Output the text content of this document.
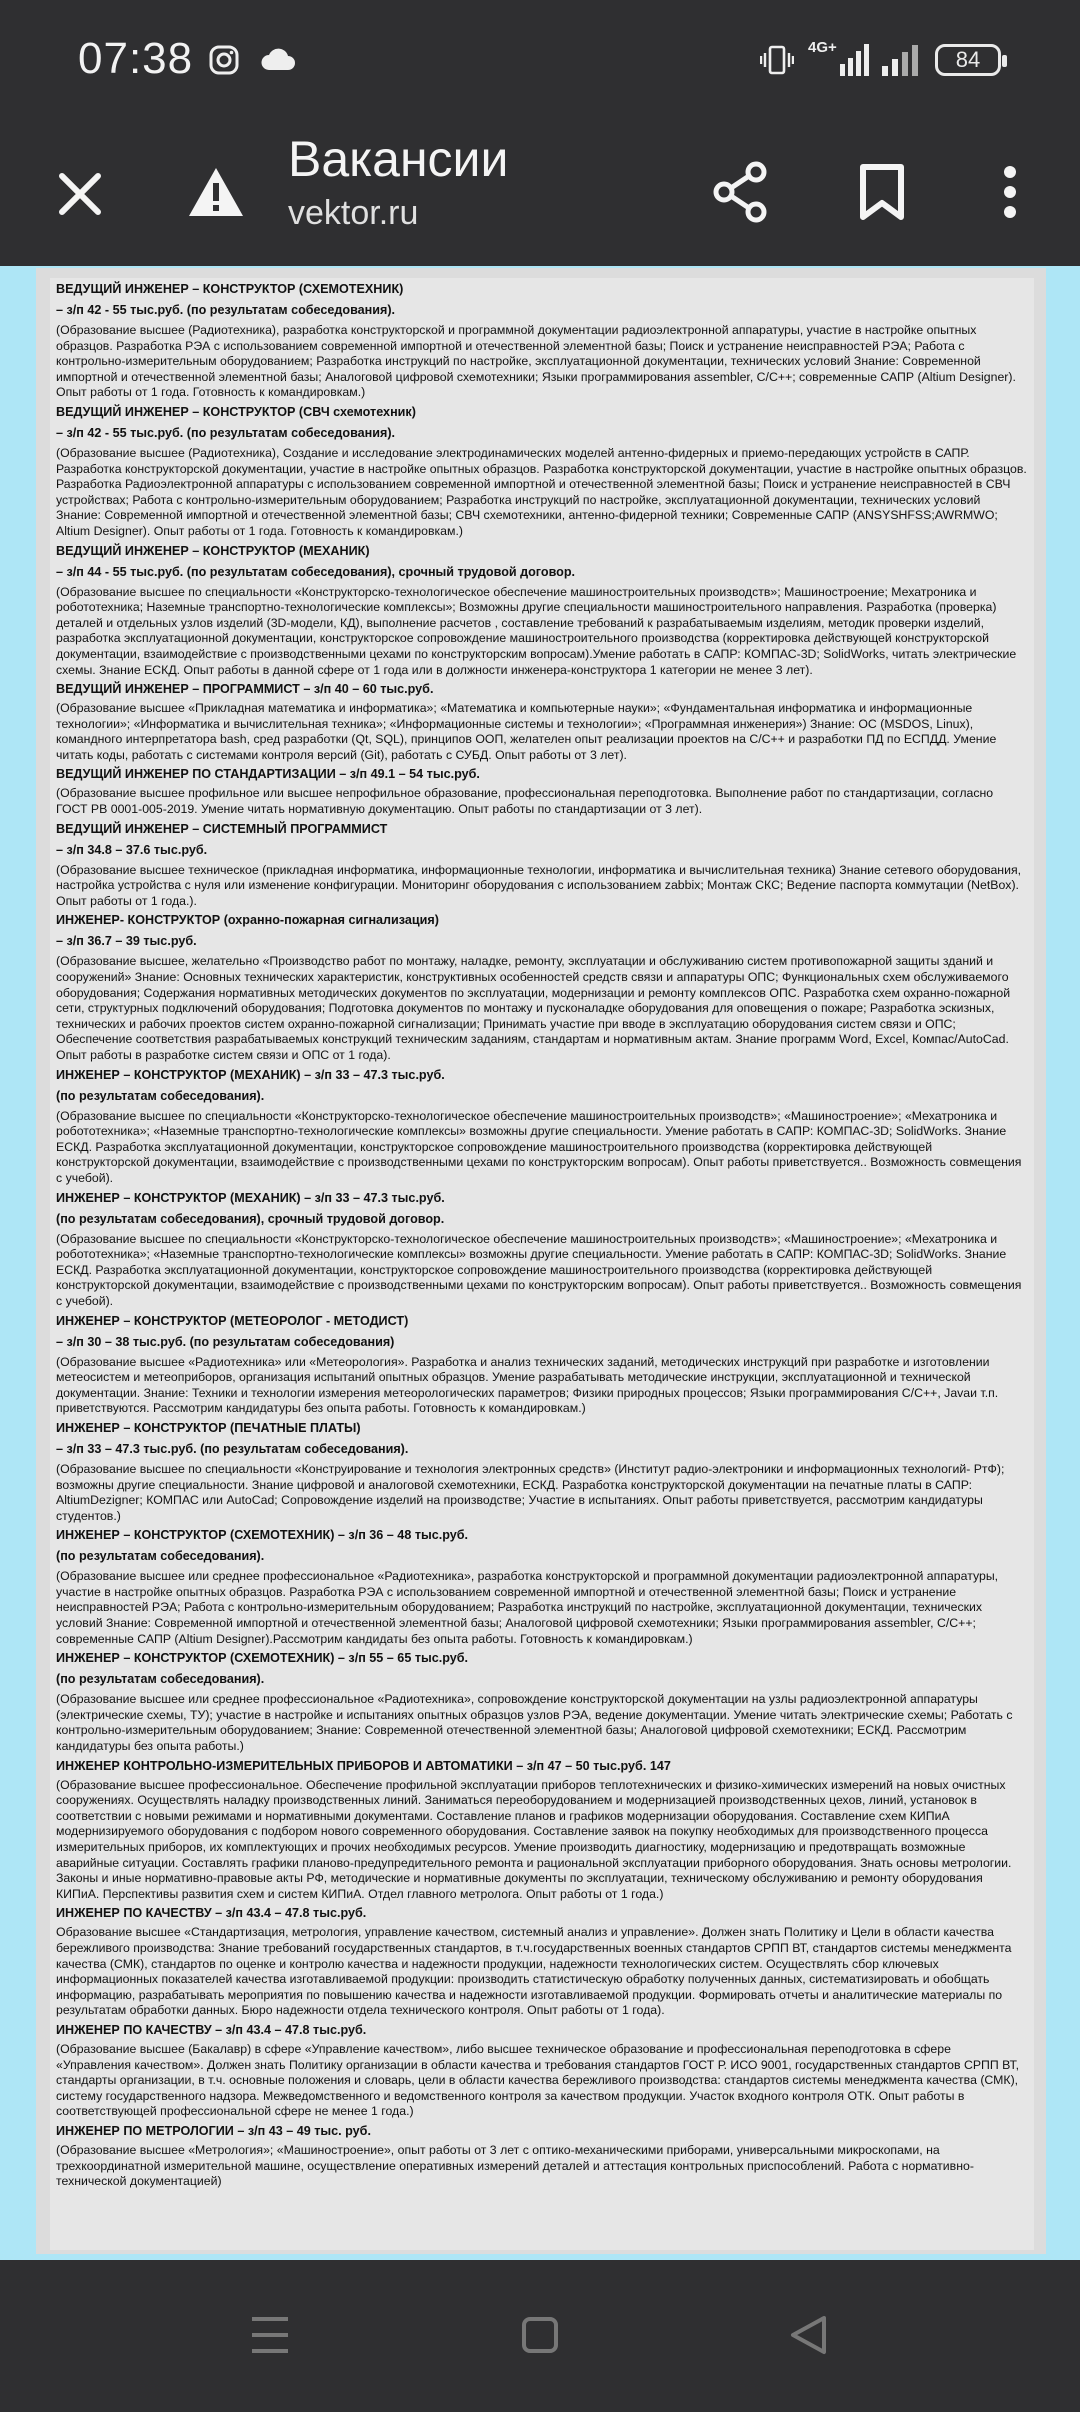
07:38	4G+	84
Вакансии
vektor.ru
ВЕДУЩИЙ ИНЖЕНЕР – КОНСТРУКТОР (СХЕМОТЕХНИК)
– з/п 42 - 55 тыс.руб. (по результатам собеседования).
(Образование высшее (Радиотехника), разработка конструкторской и программной документации радиоэлектронной аппаратуры, участие в настройке опытных образцов. Разработка РЭА с использованием современной импортной и отечественной элементной базы; Поиск и устранение неисправностей РЭА; Работа с контрольно-измерительным оборудованием; Разработка инструкций по настройке, эксплуатационной документации, технических условий Знание: Современной импортной и отечественной элементной базы; Аналоговой цифровой схемотехники; Языки программирования assembler, C/C++; современные САПР (Altium Designer). Опыт работы от 1 года. Готовность к командировкам.)
ВЕДУЩИЙ ИНЖЕНЕР – КОНСТРУКТОР (СВЧ схемотехник)
– з/п 42 - 55 тыс.руб. (по результатам собеседования).
(Образование высшее (Радиотехника), Создание и исследование электродинамических моделей антенно-фидерных и приемо-передающих устройств в САПР. Разработка конструкторской документации, участие в настройке опытных образцов. Разработка конструкторской документации, участие в настройке опытных образцов. Разработка Радиоэлектронной аппаратуры с использованием современной импортной и отечественной элементной базы; Поиск и устранение неисправностей в СВЧ устройствах; Работа с контрольно-измерительным оборудованием; Разработка инструкций по настройке, эксплуатационной документации, технических условий Знание: Современной импортной и отечественной элементной базы; СВЧ схемотехники, антенно-фидерной техники; Современные САПР (ANSYSHFSS;AWRMWO; Altium Designer). Опыт работы от 1 года. Готовность к командировкам.)
ВЕДУЩИЙ ИНЖЕНЕР – КОНСТРУКТОР (МЕХАНИК)
– з/п 44 - 55 тыс.руб. (по результатам собеседования), срочный трудовой договор.
(Образование высшее по специальности «Конструкторско-технологическое обеспечение машиностроительных производств»; Машиностроение; Мехатроника и робототехника; Наземные транспортно-технологические комплексы»; Возможны другие специальности машиностроительного направления. Разработка (проверка) деталей и отдельных узлов изделий (3D-модели, КД), выполнение расчетов , составление требований к разрабатываемым изделиям, методик проверки изделий, разработка эксплуатационной документации, конструкторское сопровождение машиностроительного производства (корректировка действующей конструкторской документации, взаимодействие с производственными цехами по конструкторским вопросам).Умение работать в САПР: КОМПАС-3D; SolidWorks, читать электрические схемы. Знание ЕСКД. Опыт работы в данной сфере от 1 года или в должности инженера-конструктора 1 категории не менее 3 лет).
ВЕДУЩИЙ ИНЖЕНЕР – ПРОГРАММИСТ – з/п 40 – 60 тыс.руб.
(Образование высшее «Прикладная математика и информатика»; «Математика и компьютерные науки»; «Фундаментальная информатика и информационные технологии»; «Информатика и вычислительная техника»; «Информационные системы и технологии»; «Программная инженерия») Знание: ОС (MSDOS, Linux), командного интерпретатора bash, сред разработки (Qt, SQL), принципов ООП, желателен опыт реализации проектов на С/С++ и разработки ПД по ЕСПДД. Умение читать коды, работать с системами контроля версий (Git), работать с СУБД. Опыт работы от 3 лет).
ВЕДУЩИЙ ИНЖЕНЕР ПО СТАНДАРТИЗАЦИИ – з/п 49.1 – 54 тыс.руб.
(Образование высшее профильное или высшее непрофильное образование, профессиональная переподготовка. Выполнение работ по стандартизации, согласно ГОСТ РВ 0001-005-2019. Умение читать нормативную документацию. Опыт работы по стандартизации от 3 лет).
ВЕДУЩИЙ ИНЖЕНЕР – СИСТЕМНЫЙ ПРОГРАММИСТ
– з/п 34.8 – 37.6 тыс.руб.
(Образование высшее техническое (прикладная информатика, информационные технологии, информатика и вычислительная техника) Знание сетевого оборудования, настройка устройства с нуля или изменение конфигурации. Мониторинг оборудования с использованием zabbix; Монтаж СКС; Ведение паспорта коммутации (NetBox). Опыт работы от 1 года.).
ИНЖЕНЕР- КОНСТРУКТОР (охранно-пожарная сигнализация)
– з/п 36.7 – 39 тыс.руб.
(Образование высшее, желательно «Производство работ по монтажу, наладке, ремонту, эксплуатации и обслуживанию систем противопожарной защиты зданий и сооружений» Знание: Основных технических характеристик, конструктивных особенностей средств связи и аппаратуры ОПС; Функциональных схем обслуживаемого оборудования; Содержания нормативных методических документов по эксплуатации, модернизации и ремонту комплексов ОПС. Разработка схем охранно-пожарной сети, структурных подключений оборудования; Подготовка документов по монтажу и пусконаладке оборудования для оповещения о пожаре; Разработка эскизных, технических и рабочих проектов систем охранно-пожарной сигнализации; Принимать участие при вводе в эксплуатацию оборудования систем связи и ОПС; Обеспечение соответствия разрабатываемых конструкций техническим заданиям, стандартам и нормативным актам. Знание программ Word, Excel, Компас/AutoCad. Опыт работы в разработке систем связи и ОПС от 1 года).
ИНЖЕНЕР – КОНСТРУКТОР (МЕХАНИК) – з/п 33 – 47.3 тыс.руб.
(по результатам собеседования).
(Образование высшее по специальности «Конструкторско-технологическое обеспечение машиностроительных производств»; «Машиностроение»; «Мехатроника и робототехника»; «Наземные транспортно-технологические комплексы» возможны другие специальности. Умение работать в САПР: КОМПАС-3D; SolidWorks. Знание ЕСКД. Разработка эксплуатационной документации, конструкторское сопровождение машиностроительного производства (корректировка действующей конструкторской документации, взаимодействие с производственными цехами по конструкторским вопросам). Опыт работы приветствуется.. Возможность совмещения с учебой).
ИНЖЕНЕР – КОНСТРУКТОР (МЕХАНИК) – з/п 33 – 47.3 тыс.руб.
(по результатам собеседования), срочный трудовой договор.
(Образование высшее по специальности «Конструкторско-технологическое обеспечение машиностроительных производств»; «Машиностроение»; «Мехатроника и робототехника»; «Наземные транспортно-технологические комплексы» возможны другие специальности. Умение работать в САПР: КОМПАС-3D; SolidWorks. Знание ЕСКД. Разработка эксплуатационной документации, конструкторское сопровождение машиностроительного производства (корректировка действующей конструкторской документации, взаимодействие с производственными цехами по конструкторским вопросам). Опыт работы приветствуется.. Возможность совмещения с учебой).
ИНЖЕНЕР – КОНСТРУКТОР (МЕТЕОРОЛОГ - МЕТОДИСТ)
– з/п 30 – 38 тыс.руб. (по результатам собеседования)
(Образование высшее «Радиотехника» или «Метеорология». Разработка и анализ технических заданий, методических инструкций при разработке и изготовлении метеосистем и метеоприборов, организация испытаний опытных образцов. Умение разрабатывать методические инструкции, эксплуатационной и технической документации. Знание: Техники и технологии измерения метеорологических параметров; Физики природных процессов; Языки программирования С/С++, Javaи т.п. приветствуются. Рассмотрим кандидатуры без опыта работы. Готовность к командировкам.)
ИНЖЕНЕР – КОНСТРУКТОР (ПЕЧАТНЫЕ ПЛАТЫ)
– з/п 33 – 47.3 тыс.руб. (по результатам собеседования).
(Образование высшее по специальности «Конструирование и технология электронных средств» (Институт радио-электроники и информационных технологий- РтФ); возможны другие специальности. Знание цифровой и аналоговой схемотехники, ЕСКД. Разработка конструкторской документации на печатные платы в САПР: AltiumDezigner; КОМПАС или AutoCad; Сопровождение изделий на производстве; Участие в испытаниях. Опыт работы приветствуется, рассмотрим кандидатуры студентов.)
ИНЖЕНЕР – КОНСТРУКТОР (СХЕМОТЕХНИК) – з/п 36 – 48 тыс.руб.
(по результатам собеседования).
(Образование высшее или среднее профессиональное «Радиотехника», разработка конструкторской и программной документации радиоэлектронной аппаратуры, участие в настройке опытных образцов. Разработка РЭА с использованием современной импортной и отечественной элементной базы; Поиск и устранение неисправностей РЭА; Работа с контрольно-измерительным оборудованием; Разработка инструкций по настройке, эксплуатационной документации, технических условий Знание: Современной импортной и отечественной элементной базы; Аналоговой цифровой схемотехники; Языки программирования assembler, C/C++; современные САПР (Altium Designer).Рассмотрим кандидаты без опыта работы. Готовность к командировкам.)
ИНЖЕНЕР – КОНСТРУКТОР (СХЕМОТЕХНИК) – з/п 55 – 65 тыс.руб.
(по результатам собеседования).
(Образование высшее или среднее профессиональное «Радиотехника», сопровождение конструкторской документации на узлы радиоэлектронной аппаратуры (электрические схемы, ТУ); участие в настройке и испытаниях опытных образцов узлов РЭА, ведение документации. Умение читать электрические схемы; Работать с контрольно-измерительным оборудованием; Знание: Современной отечественной элементной базы; Аналоговой цифровой схемотехники; ЕСКД. Рассмотрим кандидатуры без опыта работы.)
ИНЖЕНЕР КОНТРОЛЬНО-ИЗМЕРИТЕЛЬНЫХ ПРИБОРОВ И АВТОМАТИКИ – з/п 47 – 50 тыс.руб. 147
(Образование высшее профессиональное. Обеспечение профильной эксплуатации приборов теплотехнических и физико-химических измерений на новых очистных сооружениях. Осуществлять наладку производственных линий. Заниматься переоборудованием и модернизацией производственных цехов, линий, установок в соответствии с новыми режимами и нормативными документами. Составление планов и графиков модернизации оборудования. Составление схем КИПиА модернизируемого оборудования с подбором нового современного оборудования. Составление заявок на покупку необходимых для производственного процесса измерительных приборов, их комплектующих и прочих необходимых ресурсов. Умение производить диагностику, модернизацию и предотвращать возможные аварийные ситуации. Составлять графики планово-предупредительного ремонта и рациональной эксплуатации приборного оборудования. Знать основы метрологии. Законы и иные нормативно-правовые акты РФ, методические и нормативные документы по эксплуатации, техническому обслуживанию и ремонту оборудования КИПиА. Перспективы развития схем и систем КИПиА. Отдел главного метролога. Опыт работы от 1 года.)
ИНЖЕНЕР ПО КАЧЕСТВУ – з/п 43.4 – 47.8 тыс.руб.
Образование высшее «Стандартизация, метрология, управление качеством, системный анализ и управление». Должен знать Политику и Цели в области качества бережливого производства: Знание требований государственных стандартов, в т.ч.государственных военных стандартов СРПП ВТ, стандартов системы менеджмента качества (СМК), стандартов по оценке и контролю качества и надежности продукции, надежности технологических систем. Осуществлять сбор ключевых информационных показателей качества изготавливаемой продукции: производить статистическую обработку полученных данных, систематизировать и обобщать информацию, разрабатывать мероприятия по повышению качества и надежности изготавливаемой продукции. Формировать отчеты и аналитические материалы по результатам обработки данных. Бюро надежности отдела технического контроля. Опыт работы от 1 года).
ИНЖЕНЕР ПО КАЧЕСТВУ – з/п 43.4 – 47.8 тыс.руб.
(Образование высшее (Бакалавр) в сфере «Управление качеством», либо высшее техническое образование и профессиональная переподготовка в сфере «Управления качеством». Должен знать Политику организации в области качества и требования стандартов ГОСТ Р. ИСО 9001, государственных стандартов СРПП ВТ, стандарты организации, в т.ч. основные положения и словарь, цели в области качества бережливого производства: стандартов системы менеджмента качества (СМК), систему государственного надзора. Межведомственного и ведомственного контроля за качеством продукции. Участок входного контроля ОТК. Опыт работы в соответствующей профессиональной сфере не менее 1 года.)
ИНЖЕНЕР ПО МЕТРОЛОГИИ – з/п 43 – 49 тыс. руб.
(Образование высшее «Метрология»; «Машиностроение», опыт работы от 3 лет с оптико-механическими приборами, универсальными микроскопами, на трехкоординатной измерительной машине, осуществление оперативных измерений деталей и аттестация контрольных приспособлений. Работа с нормативно-технической документацией)
